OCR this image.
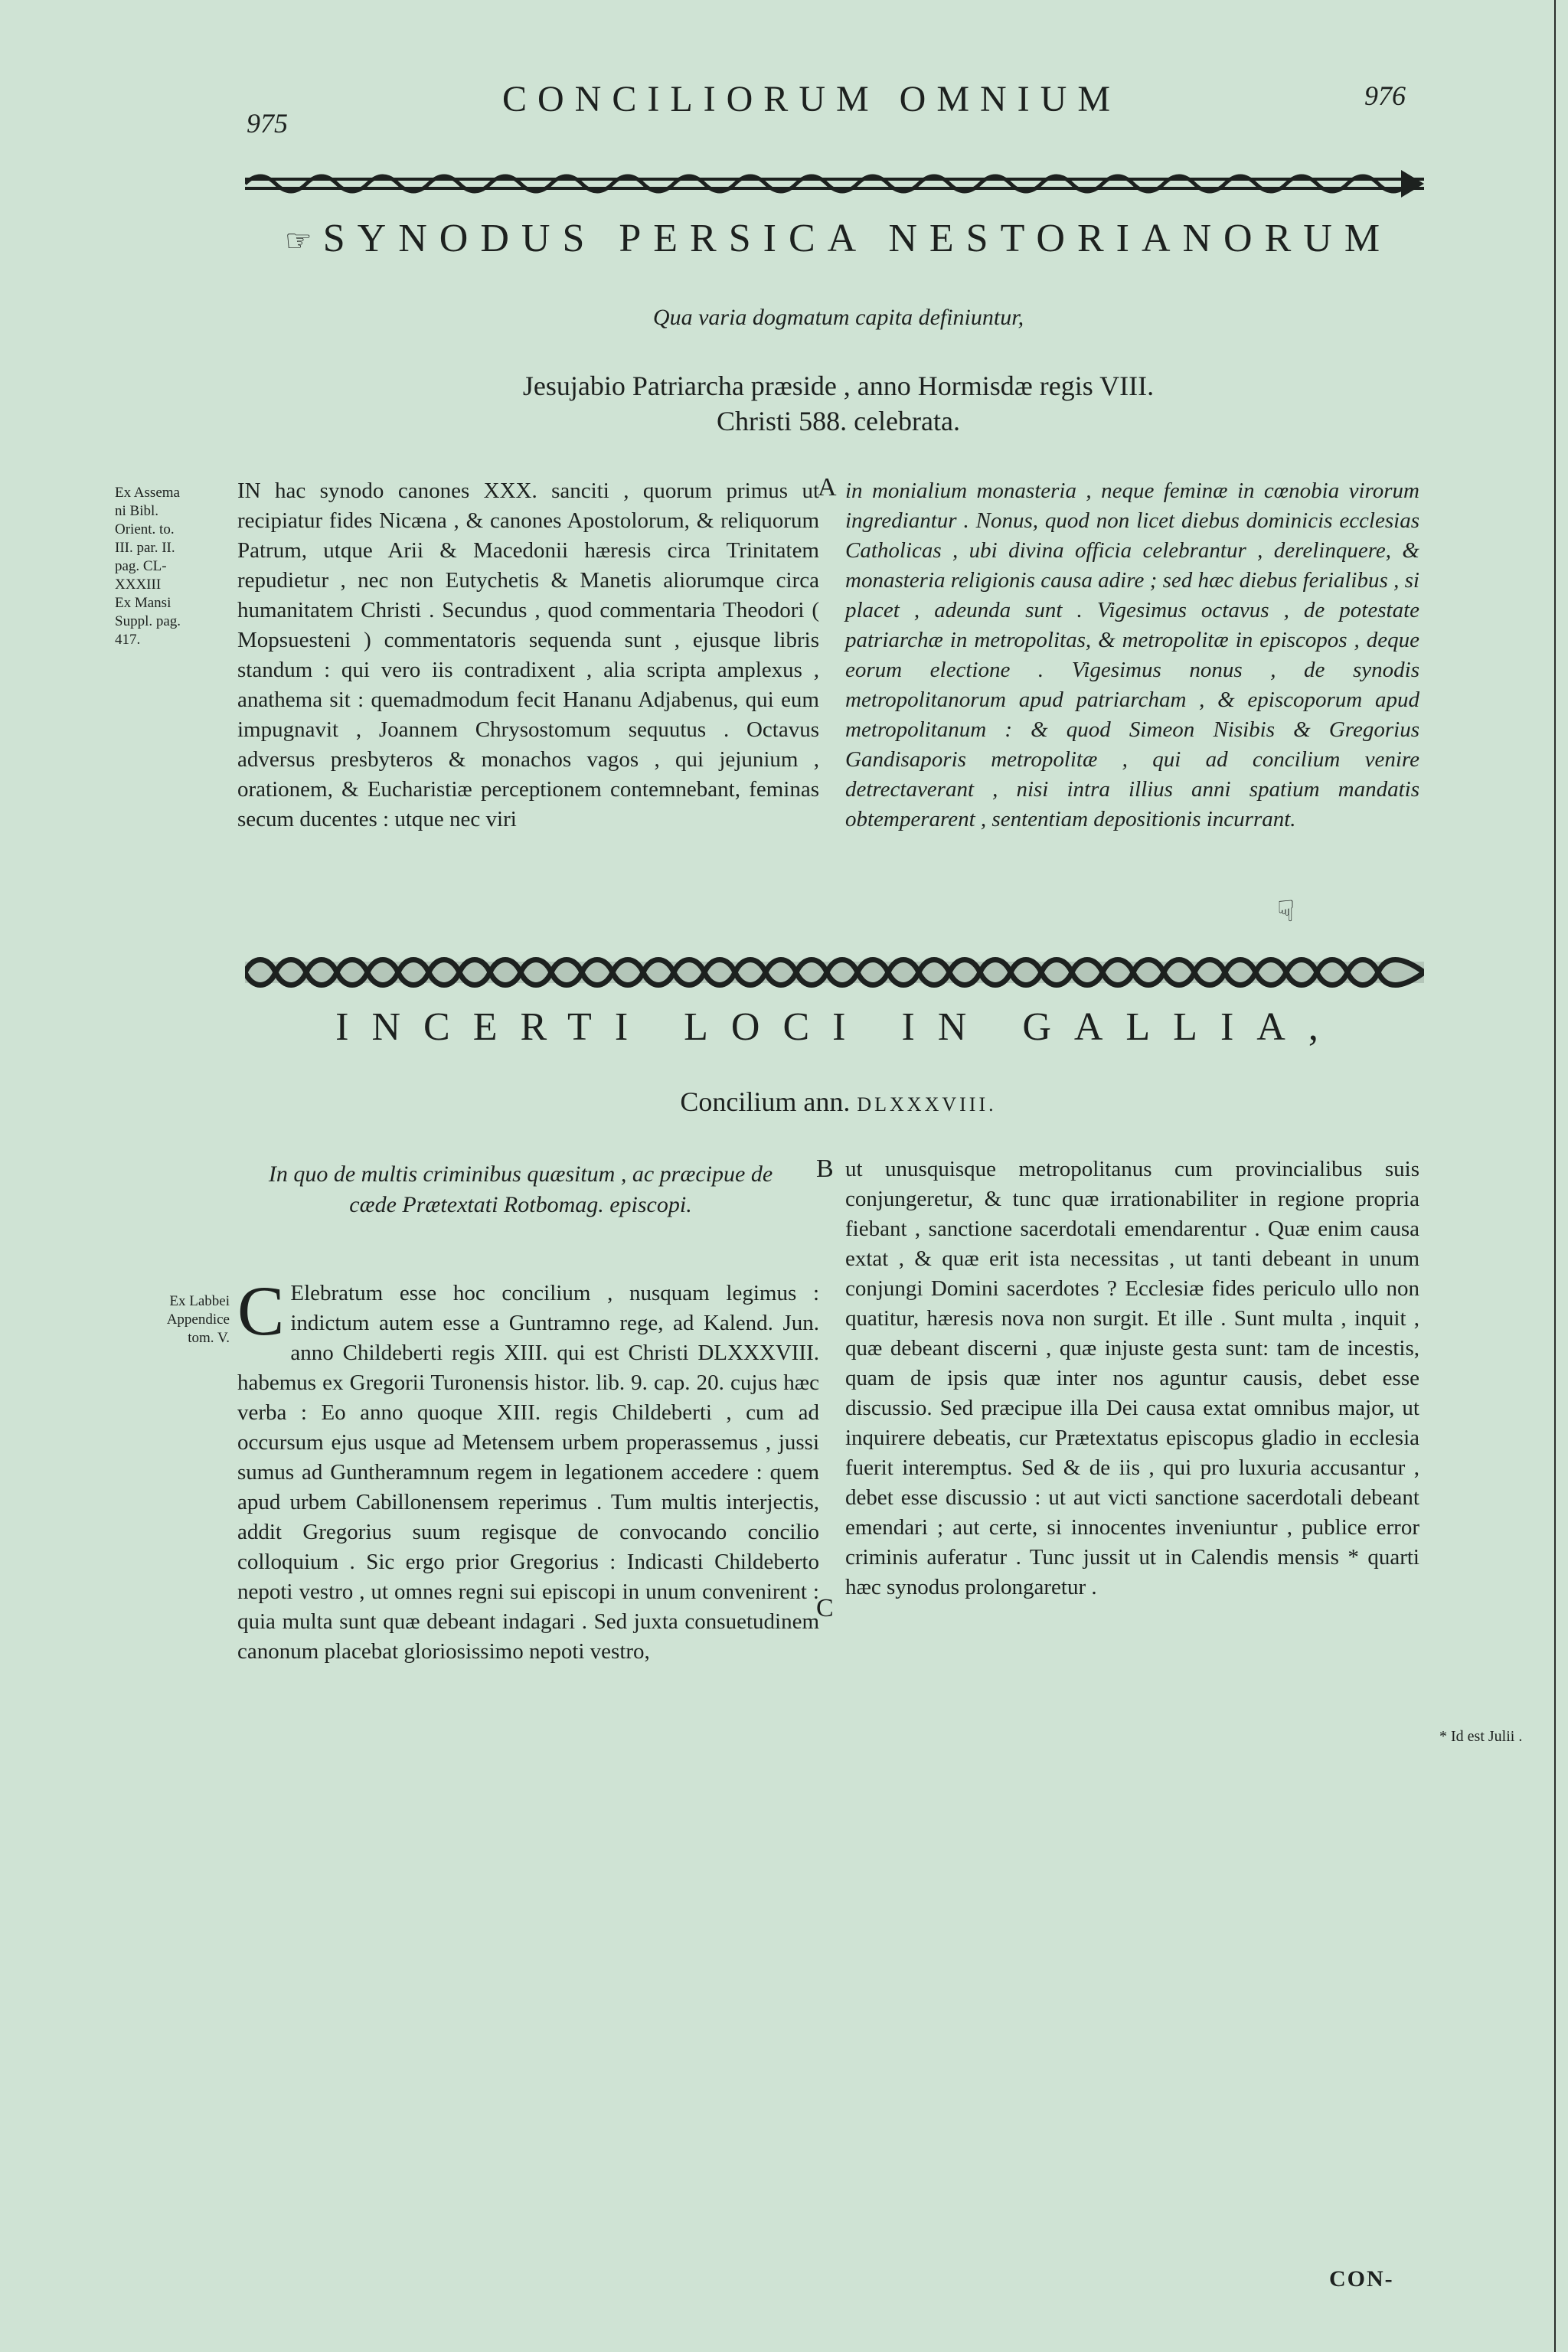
975
CONCILIORUM OMNIUM	976
☞ SYNODUS PERSICA NESTORIANORUM
Qua varia dogmatum capita definiuntur,
Jesujabio Patriarcha præside , anno Hormisdæ regis VIII.
Christi 588. celebrata.
Ex Assema
ni Bibl.
Orient. to.
III. par. II.
pag. CL-
XXXIII
Ex Mansi
Suppl. pag.
417.

IN hac synodo canones XXX. sanciti , quorum primus ut recipiatur fides Nicæna , & canones Apostolorum, & reliquorum Patrum, utque Arii & Macedonii hæresis circa Trinitatem repudietur , nec non Eutychetis & Manetis aliorumque circa humanitatem Christi . Secundus , quod commentaria Theodori ( Mopsuesteni ) commentatoris sequenda sunt , ejusque libris standum : qui vero iis contradixent , alia scripta amplexus , anathema sit : quemadmodum fecit Hananu Adjabenus, qui eum impugnavit , Joannem Chrysostomum sequutus . Octavus adversus presbyteros & monachos vagos , qui jejunium , orationem, & Eucharistiæ perceptionem contemnebant, feminas secum ducentes : utque nec viri

A in monialium monasteria , neque feminæ in cœnobia virorum ingrediantur . Nonus, quod non licet diebus dominicis ecclesias Catholicas , ubi divina officia celebrantur , derelinquere, & monasteria religionis causa adire ; sed hæc diebus ferialibus , si placet , adeunda sunt . Vigesimus octavus , de potestate patriarchæ in metropolitas, & metropolitæ in episcopos , deque eorum electione . Vigesimus nonus , de synodis metropolitanorum apud patriarcham , & episcoporum apud metropolitanum : & quod Simeon Nisibis & Gregorius Gandisaporis metropolitæ , qui ad concilium venire detrectaverant , nisi intra illius anni spatium mandatis obtemperarent , sententiam depositionis incurrant.

☟
INCERTI LOCI IN GALLIA,
Concilium ann. DLXXXVIII.
In quo de multis criminibus quæsitum , ac præcipue de cæde Prætextati Rotbomag. episcopi.
B
Ex Labbei
Appendice
tom. V. C Elebratum esse hoc concilium , nusquam legimus : indictum autem esse a Guntramno rege, ad Kalend. Jun. anno Childeberti regis XIII. qui est Christi DLXXXVIII. habemus ex Gregorii Turonensis histor. lib. 9. cap. 20. cujus hæc verba : Eo anno quoque XIII. regis Childeberti , cum ad occursum ejus usque ad Metensem urbem properassemus , jussi sumus ad Guntheramnum regem in legationem accedere : quem apud urbem Cabillonensem reperimus . Tum multis interjectis, addit Gregorius suum regisque de convocando concilio colloquium . Sic ergo prior Gregorius : Indicasti Childeberto nepoti vestro , ut omnes regni sui episcopi in unum convenirent : quia multa sunt quæ debeant indagari . Sed juxta consuetudinem canonum placebat gloriosissimo nepoti vestro,

C

ut unusquisque metropolitanus cum provincialibus suis conjungeretur, & tunc quæ irrationabiliter in regione propria fiebant , sanctione sacerdotali emendarentur . Quæ enim causa extat , & quæ erit ista necessitas , ut tanti debeant in unum conjungi Domini sacerdotes ? Ecclesiæ fides periculo ullo non quatitur, hæresis nova non surgit. Et ille . Sunt multa , inquit , quæ debeant discerni , quæ injuste gesta sunt: tam de incestis, quam de ipsis quæ inter nos aguntur causis, debet esse discussio. Sed præcipue illa Dei causa extat omnibus major, ut inquirere debeatis, cur Prætextatus episcopus gladio in ecclesia fuerit interemptus. Sed & de iis , qui pro luxuria accusantur , debet esse discussio : ut aut victi sanctione sacerdotali debeant emendari ; aut certe, si innocentes inveniuntur , publice error criminis auferatur . Tunc jussit ut in Calendis mensis * quarti hæc synodus prolongaretur .

* Id est Julii .
CON-
